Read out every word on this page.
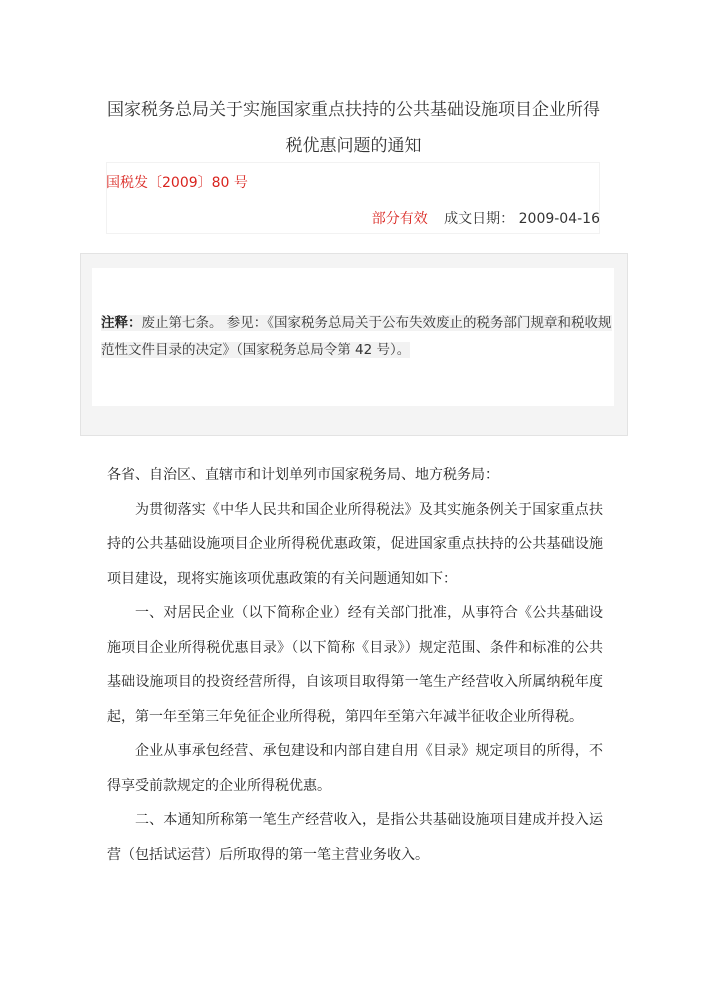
国家税务总局关于实施国家重点扶持的公共基础设施项目企业所得
税优惠问题的通知
国税发〔2009〕80 号
部分有效 成文日期： 2009-04-16
注释：废止第七条。 参见：《国家税务总局关于公布失效废止的税务部门规章和税收规范性文件目录的决定》（国家税务总局令第 42 号）。

各省、自治区、直辖市和计划单列市国家税务局、地方税务局：

为贯彻落实《中华人民共和国企业所得税法》及其实施条例关于国家重点扶持的公共基础设施项目企业所得税优惠政策，促进国家重点扶持的公共基础设施项目建设，现将实施该项优惠政策的有关问题通知如下：

一、对居民企业（以下简称企业）经有关部门批准，从事符合《公共基础设施项目企业所得税优惠目录》（以下简称《目录》）规定范围、条件和标准的公共基础设施项目的投资经营所得，自该项目取得第一笔生产经营收入所属纳税年度起，第一年至第三年免征企业所得税，第四年至第六年减半征收企业所得税。

企业从事承包经营、承包建设和内部自建自用《目录》规定项目的所得，不得享受前款规定的企业所得税优惠。

二、本通知所称第一笔生产经营收入，是指公共基础设施项目建成并投入运营（包括试运营）后所取得的第一笔主营业务收入。
